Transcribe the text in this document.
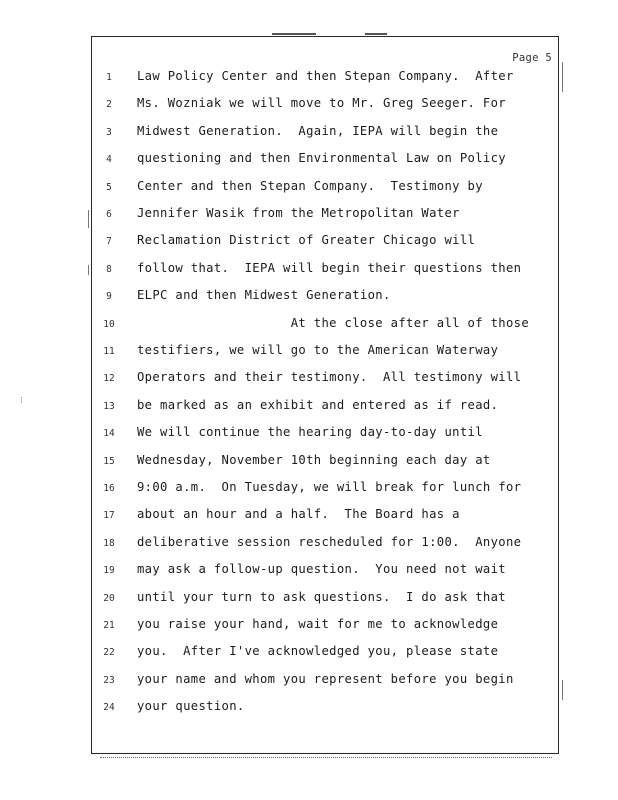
Page 5
⁝
1	Law Policy Center and then Stepan Company.  After
2	Ms. Wozniak we will move to Mr. Greg Seeger. For
3	Midwest Generation.  Again, IEPA will begin the
4	questioning and then Environmental Law on Policy
5	Center and then Stepan Company.  Testimony by
6	Jennifer Wasik from the Metropolitan Water
7	Reclamation District of Greater Chicago will
8	follow that.  IEPA will begin their questions then
9	ELPC and then Midwest Generation.
10	At the close after all of those
11	testifiers, we will go to the American Waterway
12	Operators and their testimony.  All testimony will
13	be marked as an exhibit and entered as if read.
14	We will continue the hearing day-to-day until
15	Wednesday, November 10th beginning each day at
16	9:00 a.m.  On Tuesday, we will break for lunch for
17	about an hour and a half.  The Board has a
18	deliberative session rescheduled for 1:00.  Anyone
19	may ask a follow-up question.  You need not wait
20	until your turn to ask questions.  I do ask that
21	you raise your hand, wait for me to acknowledge
22	you.  After I've acknowledged you, please state
23	your name and whom you represent before you begin
24	your question.
